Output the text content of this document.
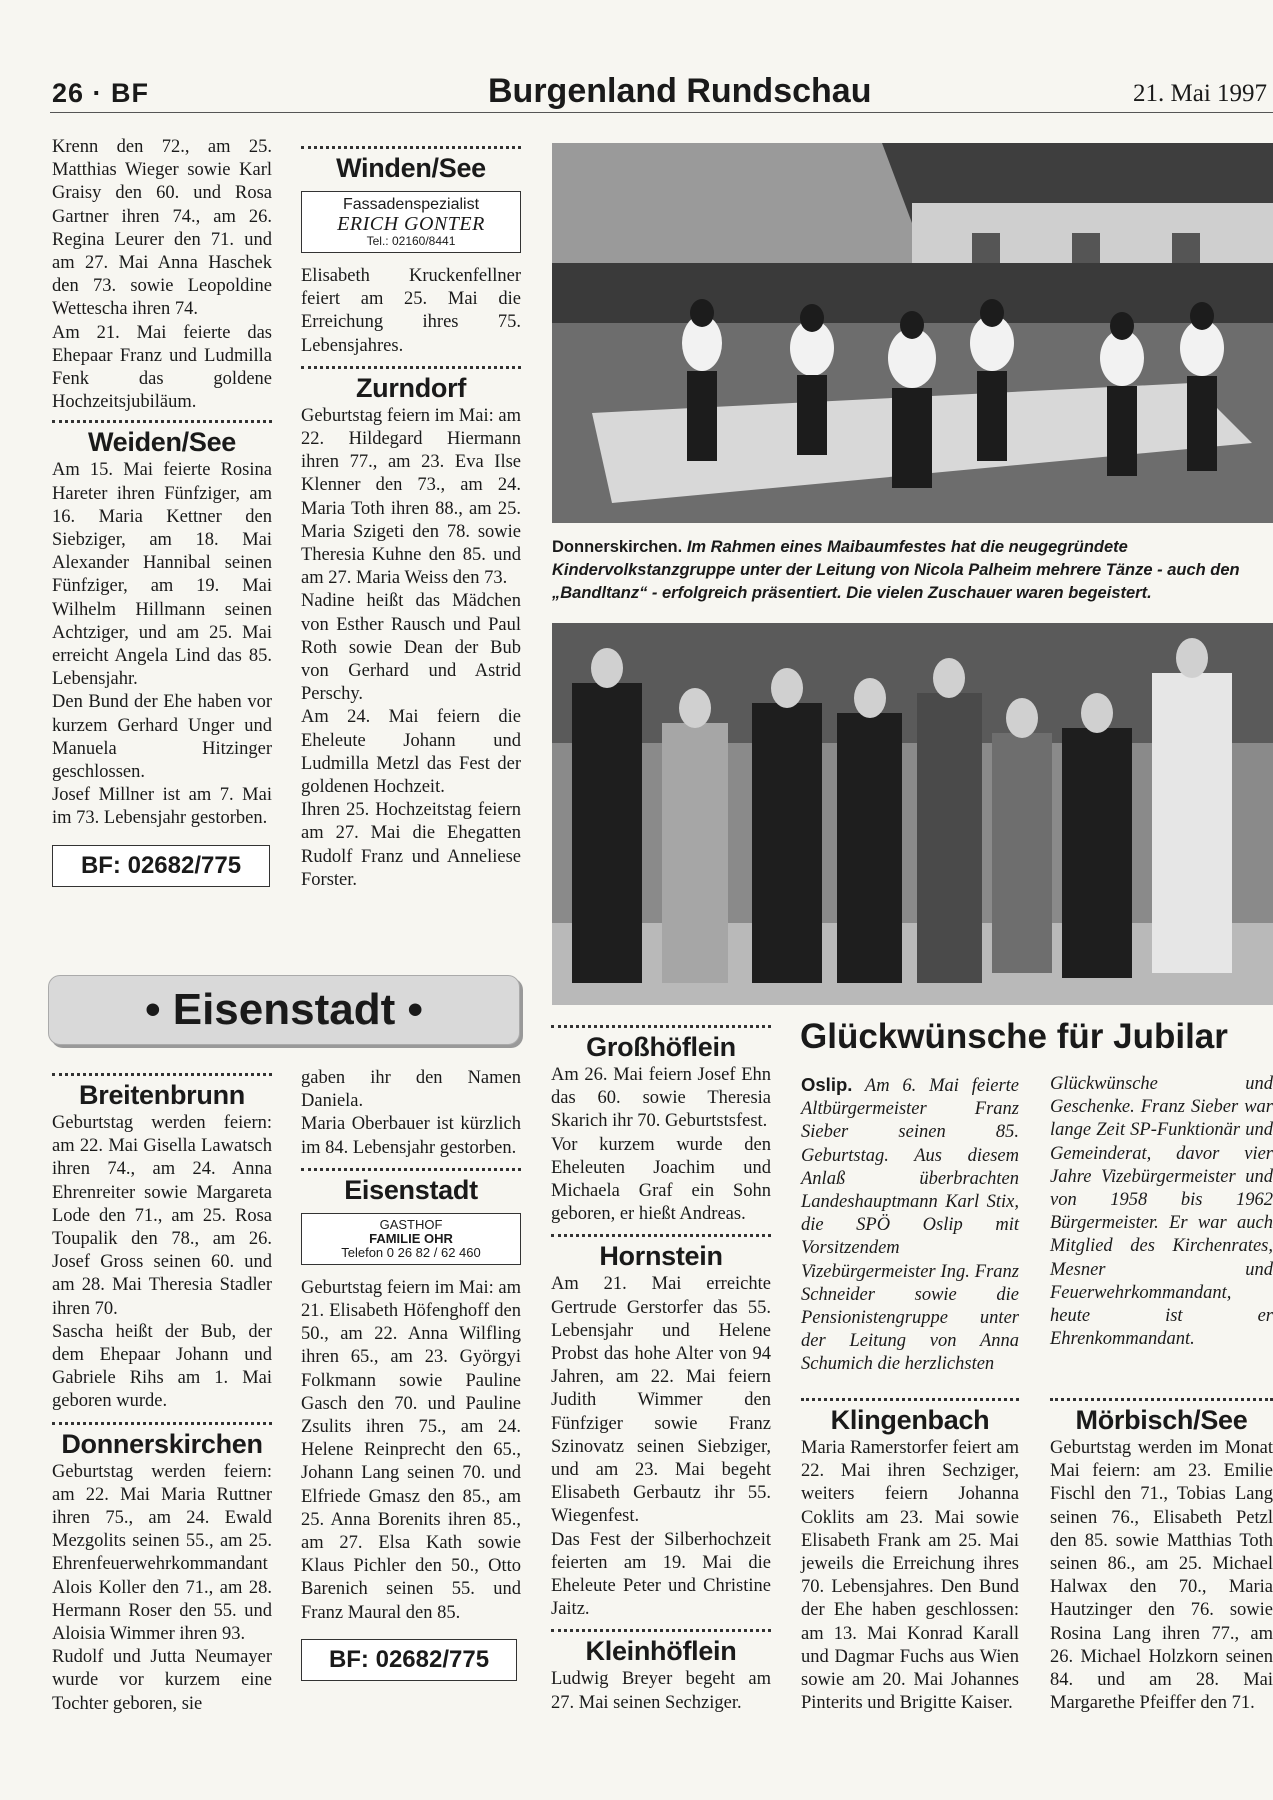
26 · BF	Burgenland Rundschau	21. Mai 1997

Krenn den 72., am 25. Matthias Wieger sowie Karl Graisy den 60. und Rosa Gartner ihren 74., am 26. Regina Leurer den 71. und am 27. Mai Anna Haschek den 73. sowie Leopoldine Wettescha ihren 74.

Am 21. Mai feierte das Ehepaar Franz und Ludmilla Fenk das goldene Hochzeitsjubiläum.

Weiden/See

Am 15. Mai feierte Rosina Hareter ihren Fünfziger, am 16. Maria Kettner den Siebziger, am 18. Mai Alexander Hannibal seinen Fünfziger, am 19. Mai Wilhelm Hillmann seinen Achtziger, und am 25. Mai erreicht Angela Lind das 85. Lebensjahr.

Den Bund der Ehe haben vor kurzem Gerhard Unger und Manuela Hitzinger geschlossen.

Josef Millner ist am 7. Mai im 73. Lebensjahr gestorben.

BF: 02682/775
Winden/See
Fassadenspezialist
ERICH GONTER
Tel.: 02160/8441

Elisabeth Kruckenfellner feiert am 25. Mai die Erreichung ihres 75. Lebensjahres.

Zurndorf

Geburtstag feiern im Mai: am 22. Hildegard Hiermann ihren 77., am 23. Eva Ilse Klenner den 73., am 24. Maria Toth ihren 88., am 25. Maria Szigeti den 78. sowie Theresia Kuhne den 85. und am 27. Maria Weiss den 73.

Nadine heißt das Mädchen von Esther Rausch und Paul Roth sowie Dean der Bub von Gerhard und Astrid Perschy.

Am 24. Mai feiern die Eheleute Johann und Ludmilla Metzl das Fest der goldenen Hochzeit.

Ihren 25. Hochzeitstag feiern am 27. Mai die Ehegatten Rudolf Franz und Anneliese Forster.

Donnerskirchen. Im Rahmen eines Maibaumfestes hat die neugegründete Kindervolkstanzgruppe unter der Leitung von Nicola Palheim mehrere Tänze - auch den „Bandltanz“ - erfolgreich präsentiert. Die vielen Zuschauer waren begeistert.
• Eisenstadt •
Breitenbrunn

Geburtstag werden feiern: am 22. Mai Gisella Lawatsch ihren 74., am 24. Anna Ehrenreiter sowie Margareta Lode den 71., am 25. Rosa Toupalik den 78., am 26. Josef Gross seinen 60. und am 28. Mai Theresia Stadler ihren 70.

Sascha heißt der Bub, der dem Ehepaar Johann und Gabriele Rihs am 1. Mai geboren wurde.

Donnerskirchen

Geburtstag werden feiern: am 22. Mai Maria Ruttner ihren 75., am 24. Ewald Mezgolits seinen 55., am 25. Ehrenfeuerwehrkommandant Alois Koller den 71., am 28. Hermann Roser den 55. und Aloisia Wimmer ihren 93.

Rudolf und Jutta Neumayer wurde vor kurzem eine Tochter geboren, sie

gaben ihr den Namen Daniela.

Maria Oberbauer ist kürzlich im 84. Lebensjahr gestorben.

Eisenstadt
GASTHOF
FAMILIE OHR
Telefon 0 26 82 / 62 460

Geburtstag feiern im Mai: am 21. Elisabeth Höfenghoff den 50., am 22. Anna Wilfling ihren 65., am 23. Györgyi Folkmann sowie Pauline Gasch den 70. und Pauline Zsulits ihren 75., am 24. Helene Reinprecht den 65., Johann Lang seinen 70. und Elfriede Gmasz den 85., am 25. Anna Borenits ihren 85., am 27. Elsa Kath sowie Klaus Pichler den 50., Otto Barenich seinen 55. und Franz Maural den 85.

BF: 02682/775
Großhöflein

Am 26. Mai feiern Josef Ehn das 60. sowie Theresia Skarich ihr 70. Geburtstsfest.

Vor kurzem wurde den Eheleuten Joachim und Michaela Graf ein Sohn geboren, er hießt Andreas.

Hornstein

Am 21. Mai erreichte Gertrude Gerstorfer das 55. Lebensjahr und Helene Probst das hohe Alter von 94 Jahren, am 22. Mai feiern Judith Wimmer den Fünfziger sowie Franz Szinovatz seinen Siebziger, und am 23. Mai begeht Elisabeth Gerbautz ihr 55. Wiegenfest.

Das Fest der Silberhochzeit feierten am 19. Mai die Eheleute Peter und Christine Jaitz.

Kleinhöflein

Ludwig Breyer begeht am 27. Mai seinen Sechziger.

Glückwünsche für Jubilar

Oslip. Am 6. Mai feierte Altbürgermeister Franz Sieber seinen 85. Geburtstag. Aus diesem Anlaß überbrachten Landeshauptmann Karl Stix, die SPÖ Oslip mit Vorsitzendem Vizebürgermeister Ing. Franz Schneider sowie die Pensionistengruppe unter der Leitung von Anna Schumich die herzlichsten

Glückwünsche und Geschenke. Franz Sieber war lange Zeit SP-Funktionär und Gemeinderat, davor vier Jahre Vizebürgermeister und von 1958 bis 1962 Bürgermeister. Er war auch Mitglied des Kirchenrates, Mesner und Feuerwehrkommandant, heute ist er Ehrenkommandant.

Klingenbach

Maria Ramerstorfer feiert am 22. Mai ihren Sechziger, weiters feiern Johanna Coklits am 23. Mai sowie Elisabeth Frank am 25. Mai jeweils die Erreichung ihres 70. Lebensjahres. Den Bund der Ehe haben geschlossen: am 13. Mai Konrad Karall und Dagmar Fuchs aus Wien sowie am 20. Mai Johannes Pinterits und Brigitte Kaiser.

Mörbisch/See

Geburtstag werden im Monat Mai feiern: am 23. Emilie Fischl den 71., Tobias Lang seinen 76., Elisabeth Petzl den 85. sowie Matthias Toth seinen 86., am 25. Michael Halwax den 70., Maria Hautzinger den 76. sowie Rosina Lang ihren 77., am 26. Michael Holzkorn seinen 84. und am 28. Mai Margarethe Pfeiffer den 71.
